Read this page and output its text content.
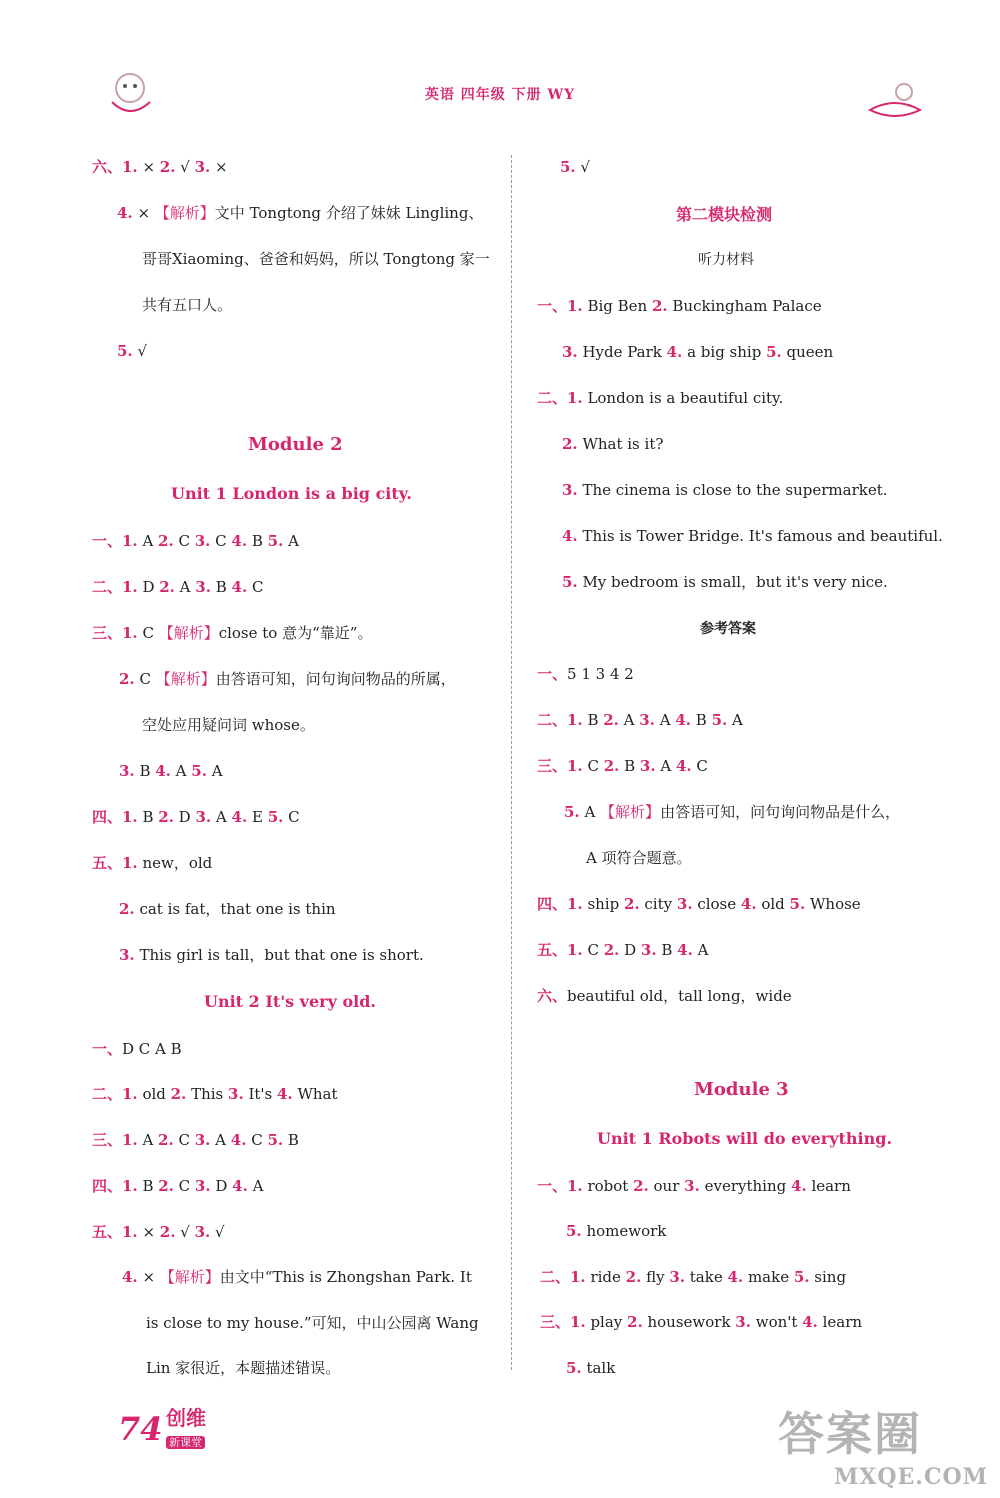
英语 四年级 下册 WY
六、1. × 2. √ 3. ×
4. × 【解析】文中 Tongtong 介绍了妹妹 Lingling、
哥哥Xiaoming、爸爸和妈妈，所以 Tongtong 家一
共有五口人。
5. √
Module 2
Unit 1 London is a big city.
一、1. A 2. C 3. C 4. B 5. A
二、1. D 2. A 3. B 4. C
三、1. C 【解析】close to 意为“靠近”。
2. C 【解析】由答语可知，问句询问物品的所属，
空处应用疑问词 whose。
3. B 4. A 5. A
四、1. B 2. D 3. A 4. E 5. C
五、1. new，old
2. cat is fat，that one is thin
3. This girl is tall，but that one is short.
Unit 2 It's very old.
一、D C A B
二、1. old 2. This 3. It's 4. What
三、1. A 2. C 3. A 4. C 5. B
四、1. B 2. C 3. D 4. A
五、1. × 2. √ 3. √
4. × 【解析】由文中“This is Zhongshan Park. It
is close to my house.”可知，中山公园离 Wang
Lin 家很近，本题描述错误。
5. √
第二模块检测
听力材料
一、1. Big Ben 2. Buckingham Palace
3. Hyde Park 4. a big ship 5. queen
二、1. London is a beautiful city.
2. What is it?
3. The cinema is close to the supermarket.
4. This is Tower Bridge. It's famous and beautiful.
5. My bedroom is small，but it's very nice.
参考答案
一、5 1 3 4 2
二、1. B 2. A 3. A 4. B 5. A
三、1. C 2. B 3. A 4. C
5. A 【解析】由答语可知，问句询问物品是什么，
A 项符合题意。
四、1. ship 2. city 3. close 4. old 5. Whose
五、1. C 2. D 3. B 4. A
六、beautiful old，tall long，wide
Module 3
Unit 1 Robots will do everything.
一、1. robot 2. our 3. everything 4. learn
5. homework
二、1. ride 2. fly 3. take 4. make 5. sing
三、1. play 2. housework 3. won't 4. learn
5. talk
74 创维
新课堂	答案圈
MXQE.COM
